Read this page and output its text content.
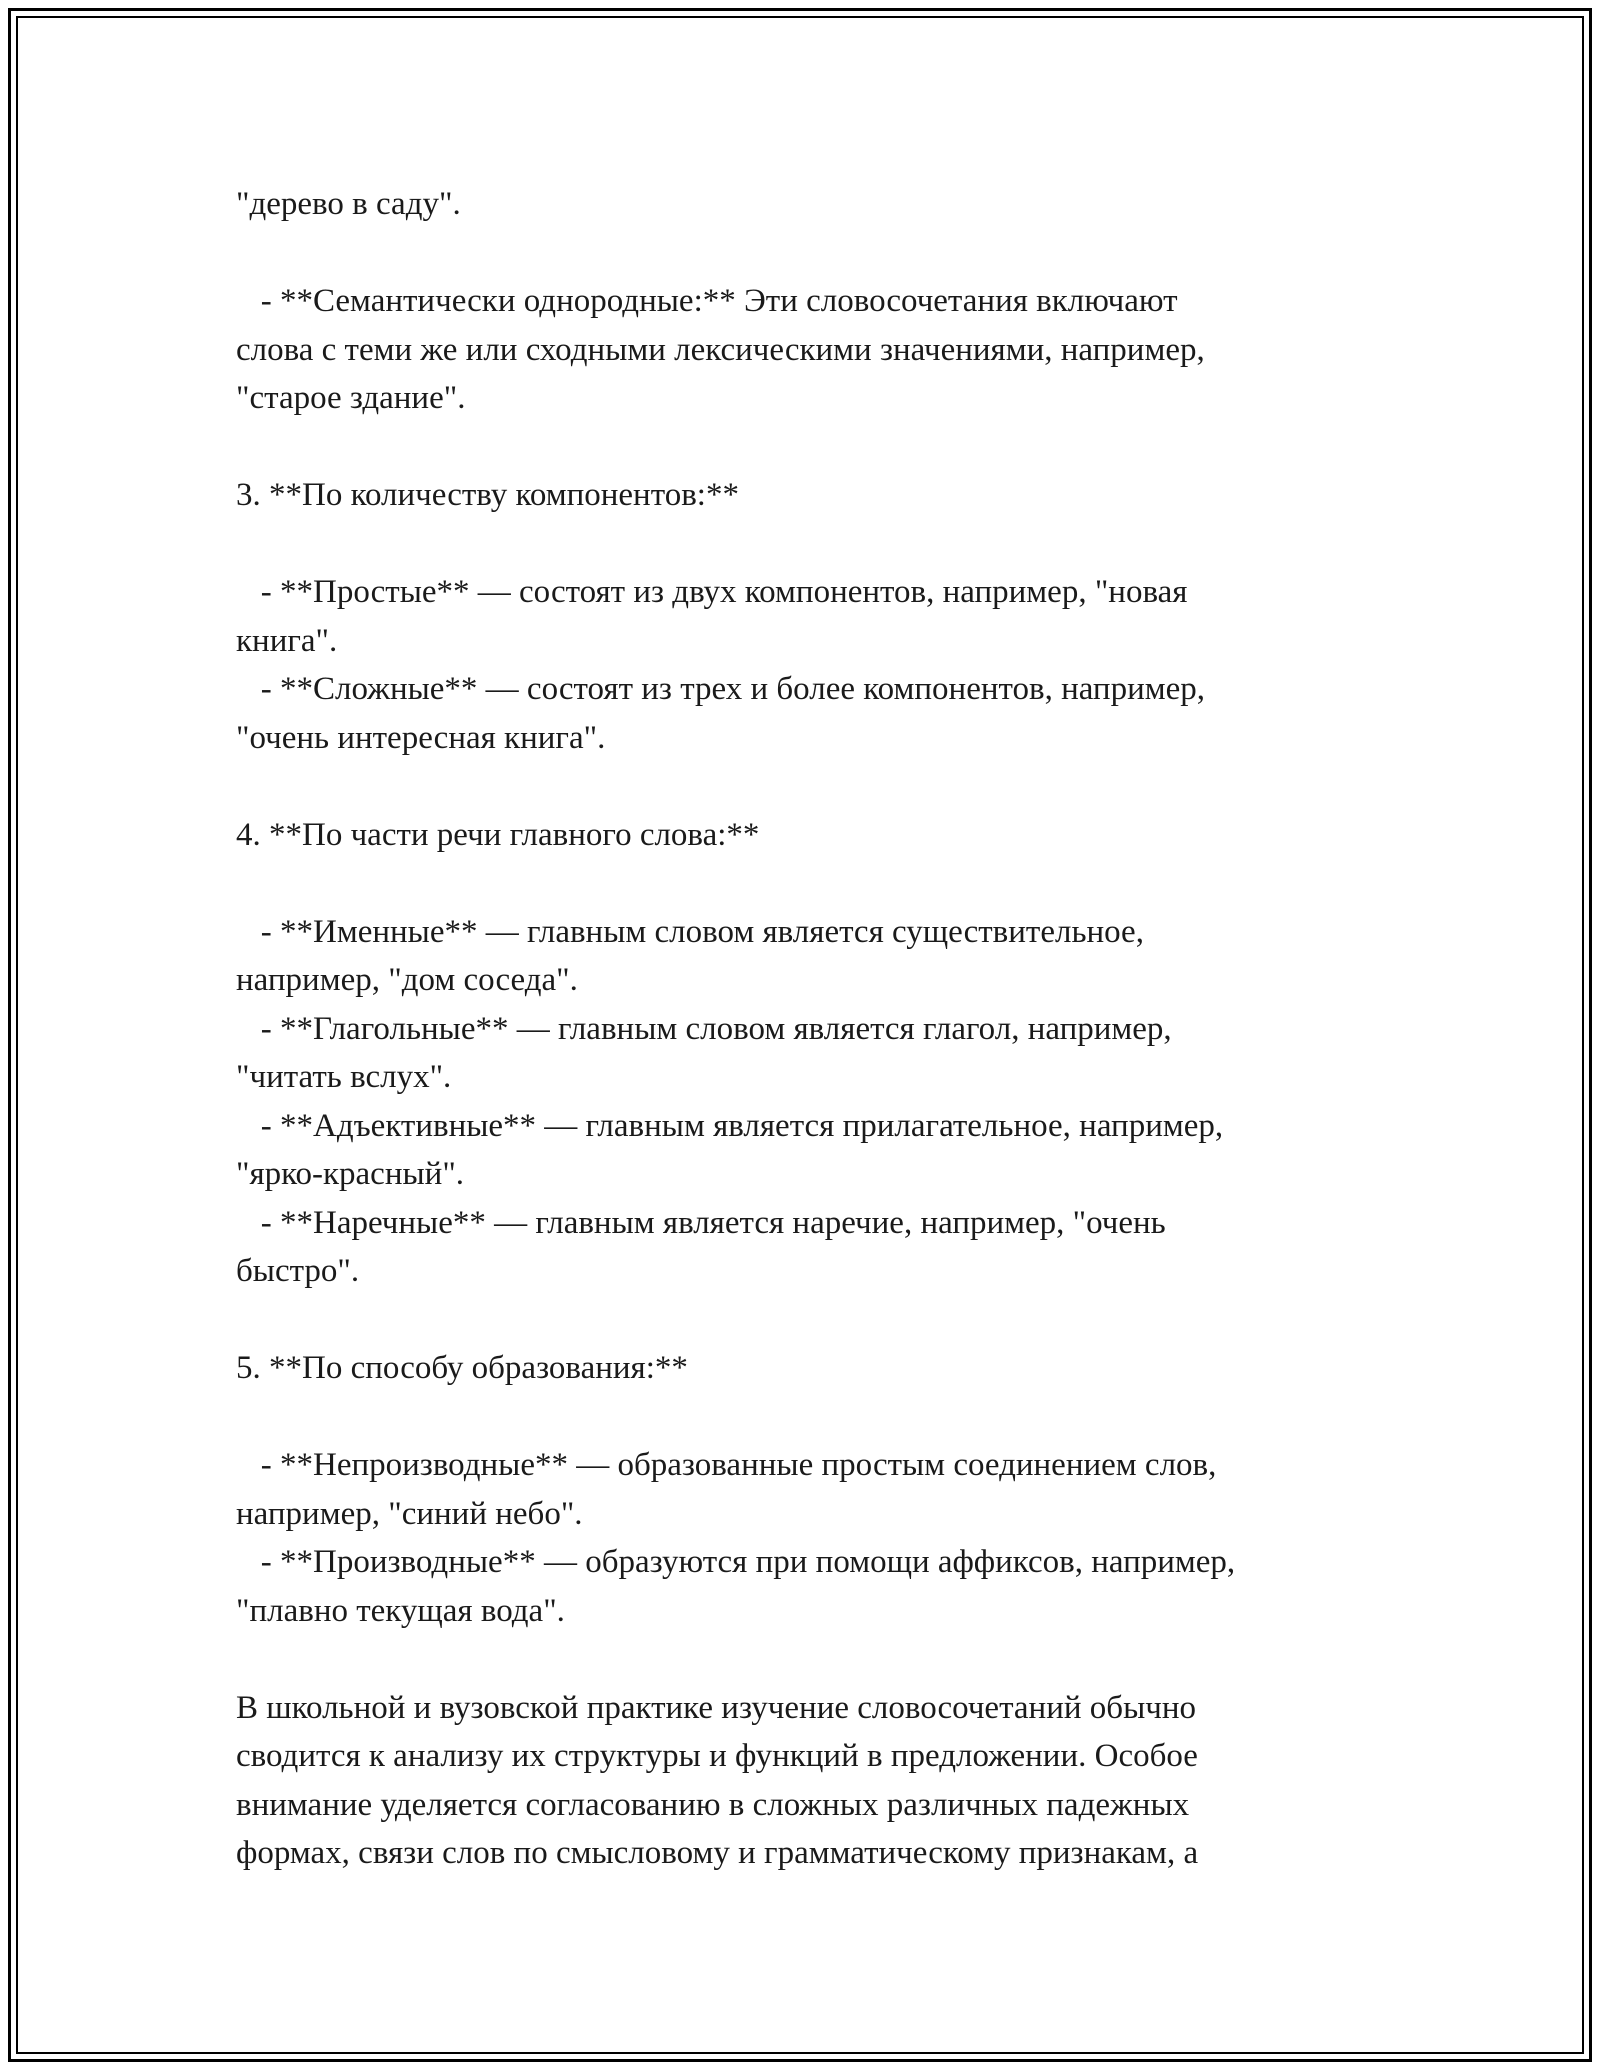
"дерево в саду".
- **Семантически однородные:** Эти словосочетания включают
слова с теми же или сходными лексическими значениями, например,
"старое здание".
3. **По количеству компонентов:**
- **Простые** — состоят из двух компонентов, например, "новая
книга".
- **Сложные** — состоят из трех и более компонентов, например,
"очень интересная книга".
4. **По части речи главного слова:**
- **Именные** — главным словом является существительное,
например, "дом соседа".
- **Глагольные** — главным словом является глагол, например,
"читать вслух".
- **Адъективные** — главным является прилагательное, например,
"ярко-красный".
- **Наречные** — главным является наречие, например, "очень
быстро".
5. **По способу образования:**
- **Непроизводные** — образованные простым соединением слов,
например, "синий небо".
- **Производные** — образуются при помощи аффиксов, например,
"плавно текущая вода".
В школьной и вузовской практике изучение словосочетаний обычно
сводится к анализу их структуры и функций в предложении. Особое
внимание уделяется согласованию в сложных различных падежных
формах, связи слов по смысловому и грамматическому признакам, а
